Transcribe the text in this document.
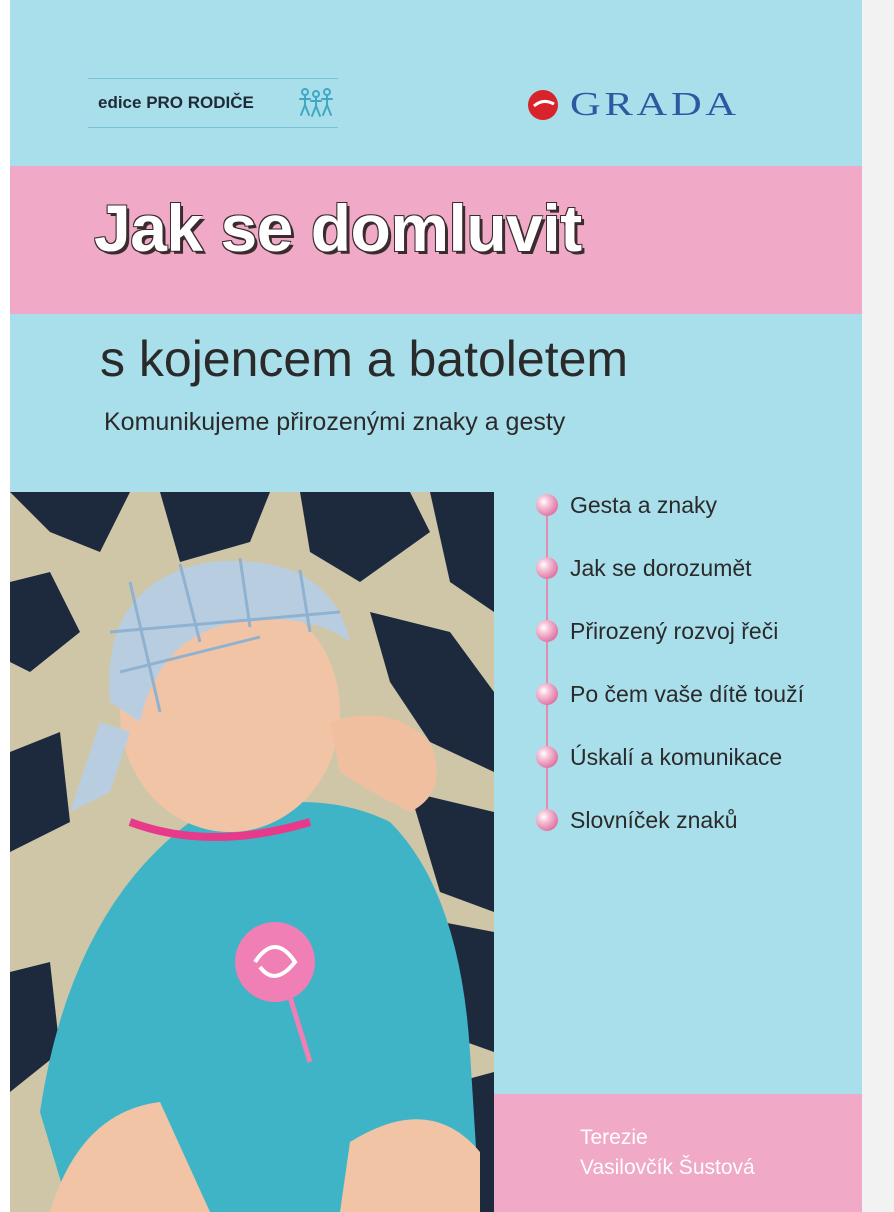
edice PRO RODIČE	GRADA
Jak se domluvit
s kojencem a batoletem
Komunikujeme přirozenými znaky a gesty
Gesta a znaky
Jak se dorozumět
Přirozený rozvoj řeči
Po čem vaše dítě touží
Úskalí a komunikace
Slovníček znaků
Terezie
Vasilovčík Šustová
